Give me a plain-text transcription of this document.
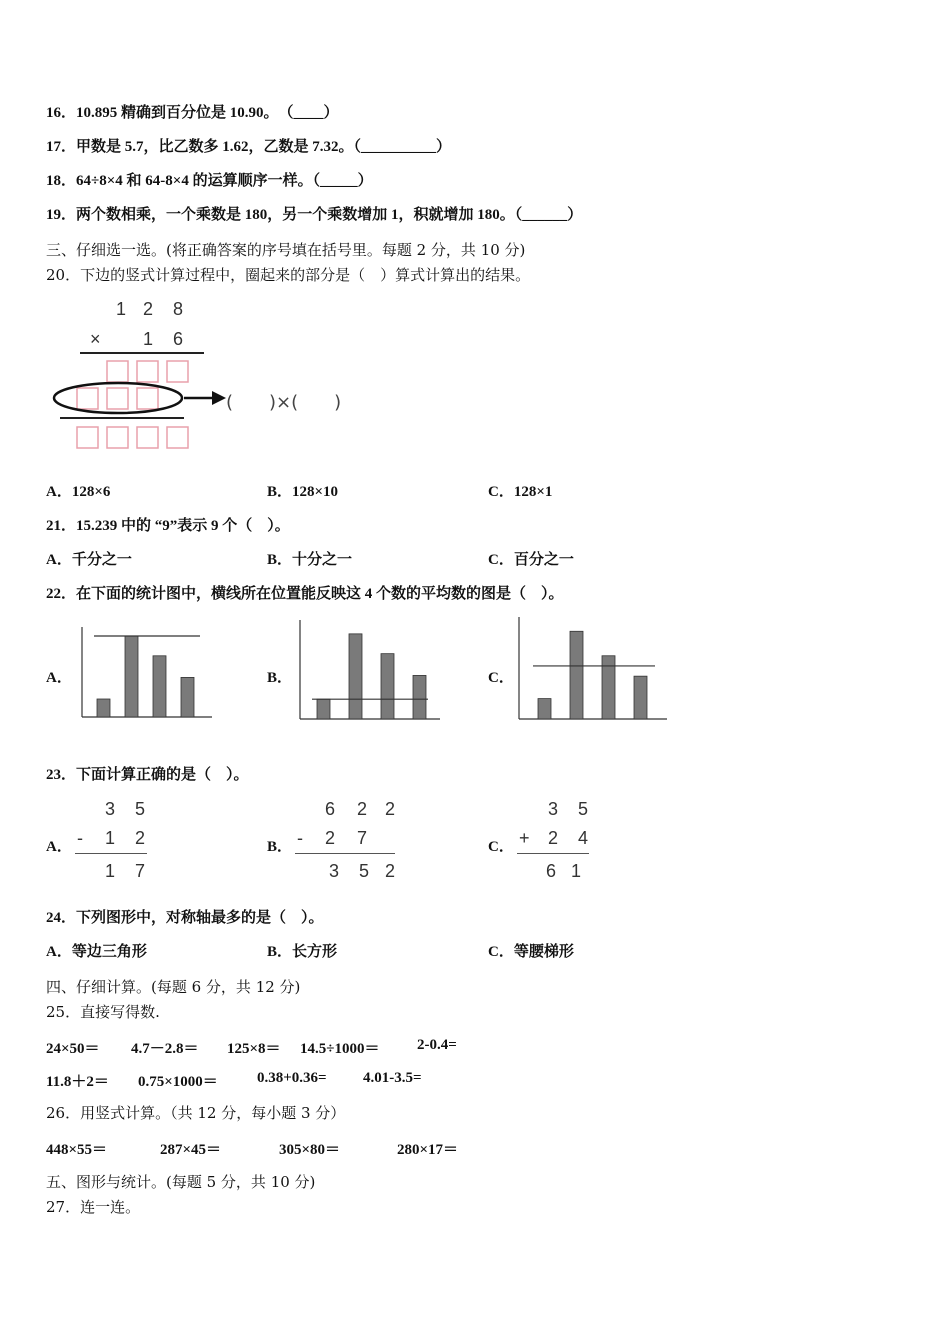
16．10.895 精确到百分位是 10.90。　（____）
17．甲数是 5.7，比乙数多 1.62，乙数是 7.32。（__________）
18．64÷8×4 和 64-8×4 的运算顺序一样。（_____）
19．两个数相乘，一个乘数是 180，另一个乘数增加 1，积就增加 180。（______）
三、仔细选一选。(将正确答案的序号填在括号里。每题 2 分，共 10 分)
20．下边的竖式计算过程中，圈起来的部分是（　）算式计算出的结果。
1 2 8
× 1 6
(　　)×(　　)
A．128×6	B．128×10	C．128×1
21．15.239 中的 “9”表示 9 个（　）。
A．千分之一	B．十分之一	C．百分之一
22．在下面的统计图中，横线所在位置能反映这 4 个数的平均数的图是（　）。
A．	B．	C．
23．下面计算正确的是（　）。
A．	B．	C．
3 5
- 1 2
1 7
6 2 2
- 2 7
3 5 2
3 5
+ 2 4
6 1
24．下列图形中，对称轴最多的是（　）。
A．等边三角形	B．长方形	C．等腰梯形
四、仔细计算。(每题 6 分，共 12 分)
25．直接写得数.
24×50＝ 4.7－2.8＝ 125×8＝ 14.5÷1000＝	2-0.4=
11.8＋2＝ 0.75×1000＝	0.38+0.36= 4.01-3.5=
26．用竖式计算。（共 12 分，每小题 3 分）
448×55＝	287×45＝	305×80＝	280×17＝
五、图形与统计。(每题 5 分，共 10 分)
27．连一连。
